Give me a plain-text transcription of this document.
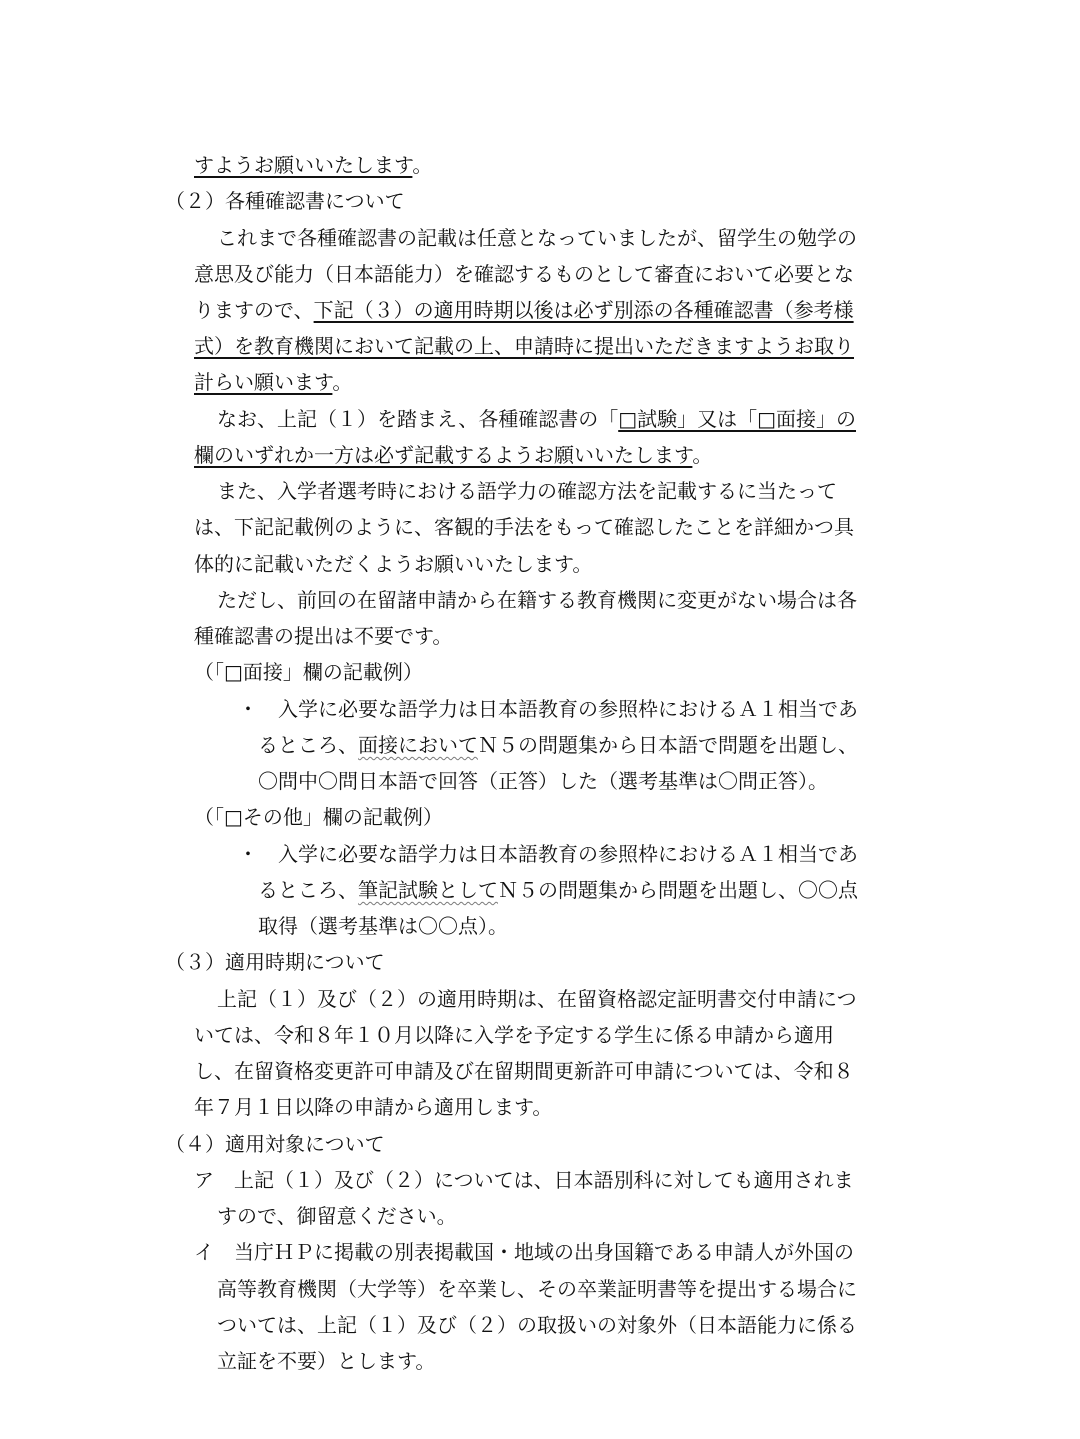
すようお願いいたします。
（２）各種確認書について
これまで各種確認書の記載は任意となっていましたが、留学生の勉学の
意思及び能力（日本語能力）を確認するものとして審査において必要とな
りますので、下記（３）の適用時期以後は必ず別添の各種確認書（参考様
式）を教育機関において記載の上、申請時に提出いただきますようお取り
計らい願います。
なお、上記（１）を踏まえ、各種確認書の「□試験」又は「□面接」の
欄のいずれか一方は必ず記載するようお願いいたします。
また、入学者選考時における語学力の確認方法を記載するに当たって
は、下記記載例のように、客観的手法をもって確認したことを詳細かつ具
体的に記載いただくようお願いいたします。
ただし、前回の在留諸申請から在籍する教育機関に変更がない場合は各
種確認書の提出は不要です。
（「□面接」欄の記載例）
・　入学に必要な語学力は日本語教育の参照枠におけるＡ１相当であ
るところ、面接においてＮ５の問題集から日本語で問題を出題し、
〇問中〇問日本語で回答（正答）した（選考基準は〇問正答）。
（「□その他」欄の記載例）
・　入学に必要な語学力は日本語教育の参照枠におけるＡ１相当であ
るところ、筆記試験としてＮ５の問題集から問題を出題し、〇〇点
取得（選考基準は〇〇点）。
（３）適用時期について
上記（１）及び（２）の適用時期は、在留資格認定証明書交付申請につ
いては、令和８年１０月以降に入学を予定する学生に係る申請から適用
し、在留資格変更許可申請及び在留期間更新許可申請については、令和８
年７月１日以降の申請から適用します。
（４）適用対象について
ア　上記（１）及び（２）については、日本語別科に対しても適用されま
すので、御留意ください。
イ　当庁ＨＰに掲載の別表掲載国・地域の出身国籍である申請人が外国の
高等教育機関（大学等）を卒業し、その卒業証明書等を提出する場合に
ついては、上記（１）及び（２）の取扱いの対象外（日本語能力に係る
立証を不要）とします。
